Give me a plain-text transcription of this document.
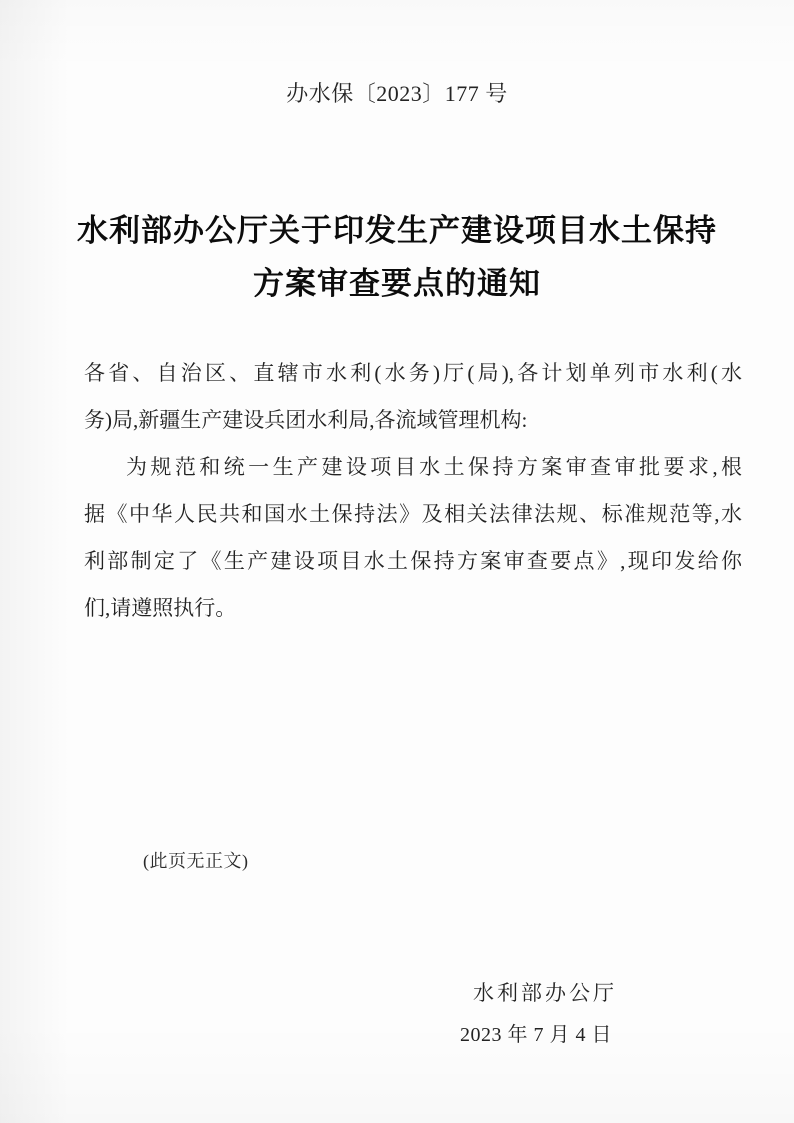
办水保〔2023〕177 号
水利部办公厅关于印发生产建设项目水土保持
方案审查要点的通知
各省、自治区、直辖市水利(水务)厅(局),各计划单列市水利(水
务)局,新疆生产建设兵团水利局,各流域管理机构:
为规范和统一生产建设项目水土保持方案审查审批要求,根
据《中华人民共和国水土保持法》及相关法律法规、标准规范等,水
利部制定了《生产建设项目水土保持方案审查要点》,现印发给你
们,请遵照执行。
(此页无正文)
水利部办公厅
2023 年 7 月 4 日
